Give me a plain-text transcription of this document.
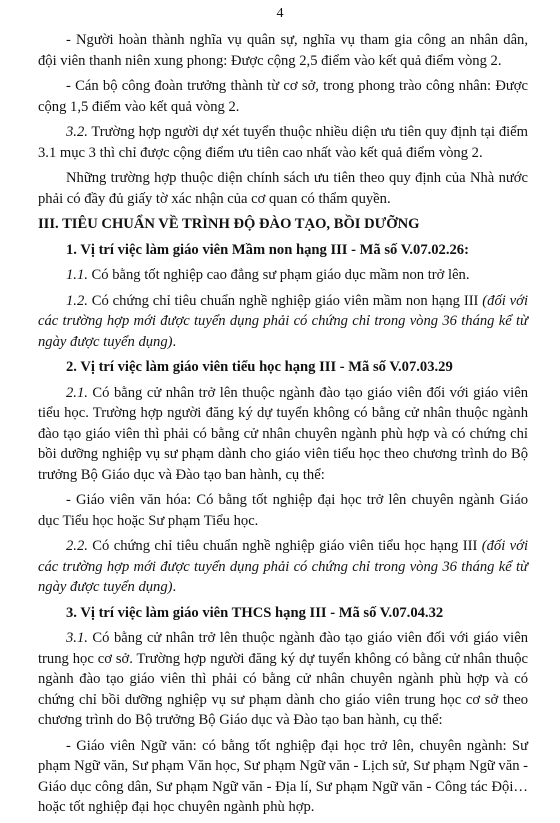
4

- Người hoàn thành nghĩa vụ quân sự, nghĩa vụ tham gia công an nhân dân, đội viên thanh niên xung phong: Được cộng 2,5 điểm vào kết quả điểm vòng 2.

- Cán bộ công đoàn trưởng thành từ cơ sở, trong phong trào công nhân: Được cộng 1,5 điểm vào kết quả vòng 2.

3.2. Trường hợp người dự xét tuyển thuộc nhiều diện ưu tiên quy định tại điểm 3.1 mục 3 thì chỉ được cộng điểm ưu tiên cao nhất vào kết quả điểm vòng 2.

Những trường hợp thuộc diện chính sách ưu tiên theo quy định của Nhà nước phải có đầy đủ giấy tờ xác nhận của cơ quan có thẩm quyền.

III. TIÊU CHUẨN VỀ TRÌNH ĐỘ ĐÀO TẠO, BỒI DƯỠNG

1. Vị trí việc làm giáo viên Mầm non hạng III - Mã số V.07.02.26:

1.1. Có bằng tốt nghiệp cao đẳng sư phạm giáo dục mầm non trở lên.

1.2. Có chứng chỉ tiêu chuẩn nghề nghiệp giáo viên mầm non hạng III (đối với các trường hợp mới được tuyển dụng phải có chứng chỉ trong vòng 36 tháng kể từ ngày được tuyển dụng).

2. Vị trí việc làm giáo viên tiểu học hạng III - Mã số V.07.03.29

2.1. Có bằng cử nhân trở lên thuộc ngành đào tạo giáo viên đối với giáo viên tiểu học. Trường hợp người đăng ký dự tuyển không có bằng cử nhân thuộc ngành đào tạo giáo viên thì phải có bằng cử nhân chuyên ngành phù hợp và có chứng chỉ bồi dưỡng nghiệp vụ sư phạm dành cho giáo viên tiểu học theo chương trình do Bộ trưởng Bộ Giáo dục và Đào tạo ban hành, cụ thể:

- Giáo viên văn hóa: Có bằng tốt nghiệp đại học trở lên chuyên ngành Giáo dục Tiểu học hoặc Sư phạm Tiểu học.

2.2. Có chứng chỉ tiêu chuẩn nghề nghiệp giáo viên tiểu học hạng III (đối với các trường hợp mới được tuyển dụng phải có chứng chỉ trong vòng 36 tháng kể từ ngày được tuyển dụng).

3. Vị trí việc làm giáo viên THCS hạng III - Mã số V.07.04.32

3.1. Có bằng cử nhân trở lên thuộc ngành đào tạo giáo viên đối với giáo viên trung học cơ sở. Trường hợp người đăng ký dự tuyển không có bằng cử nhân thuộc ngành đào tạo giáo viên thì phải có bằng cử nhân chuyên ngành phù hợp và có chứng chỉ bồi dưỡng nghiệp vụ sư phạm dành cho giáo viên trung học cơ sở theo chương trình do Bộ trưởng Bộ Giáo dục và Đào tạo ban hành, cụ thể:

- Giáo viên Ngữ văn: có bằng tốt nghiệp đại học trở lên, chuyên ngành: Sư phạm Ngữ văn, Sư phạm Văn học, Sư phạm Ngữ văn - Lịch sử, Sư phạm Ngữ văn - Giáo dục công dân, Sư phạm Ngữ văn - Địa lí, Sư phạm Ngữ văn - Công tác Đội… hoặc tốt nghiệp đại học chuyên ngành phù hợp.
